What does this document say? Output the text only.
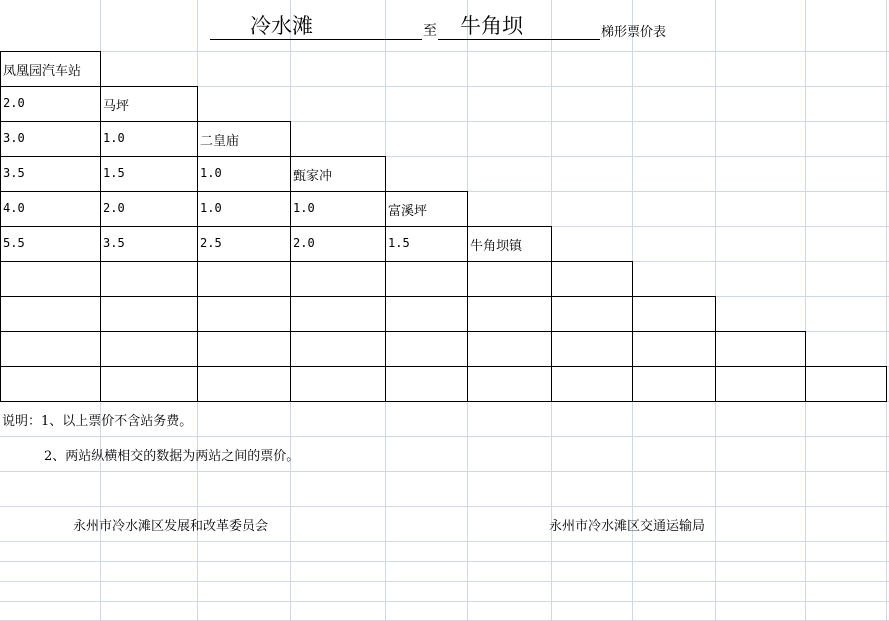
冷水滩	至	牛角坝	梯形票价表
凤凰园汽车站
2.0	马坪
3.0	1.0	二皇庙
3.5	1.5	1.0	甄家冲
4.0	2.0	1.0	1.0	富溪坪
5.5	3.5	2.5	2.0	1.5	牛角坝镇
说明：1、以上票价不含站务费。
2、两站纵横相交的数据为两站之间的票价。
永州市冷水滩区发展和改革委员会	永州市冷水滩区交通运输局
